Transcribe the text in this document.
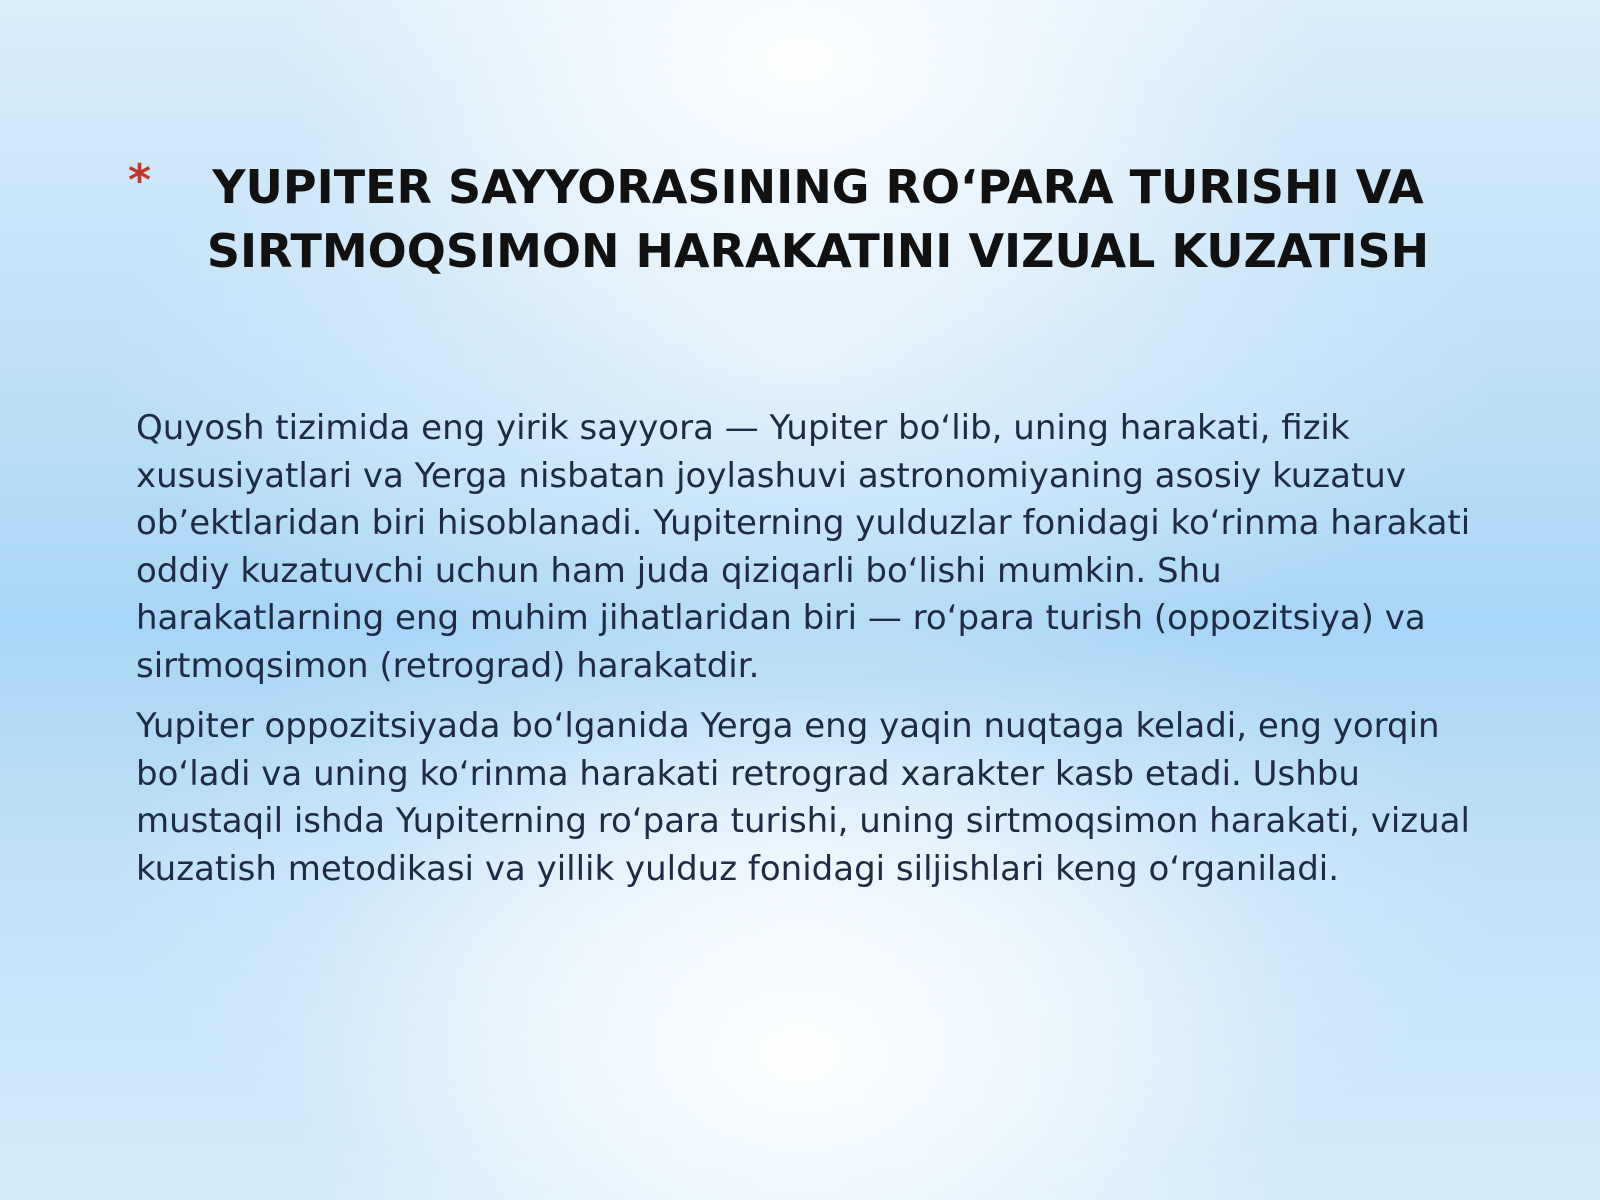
*	YUPITER SAYYORASINING RO‘PARA TURISHI VA SIRTMOQSIMON HARAKATINI VIZUAL KUZATISH

Quyosh tizimida eng yirik sayyora — Yupiter bo‘lib, uning harakati, fizik xususiyatlari va Yerga nisbatan joylashuvi astronomiyaning asosiy kuzatuv ob’ektlaridan biri hisoblanadi. Yupiterning yulduzlar fonidagi ko‘rinma harakati oddiy kuzatuvchi uchun ham juda qiziqarli bo‘lishi mumkin. Shu harakatlarning eng muhim jihatlaridan biri — ro‘para turish (oppozitsiya) va sirtmoqsimon (retrograd) harakatdir.

Yupiter oppozitsiyada bo‘lganida Yerga eng yaqin nuqtaga keladi, eng yorqin bo‘ladi va uning ko‘rinma harakati retrograd xarakter kasb etadi. Ushbu mustaqil ishda Yupiterning ro‘para turishi, uning sirtmoqsimon harakati, vizual kuzatish metodikasi va yillik yulduz fonidagi siljishlari keng o‘rganiladi.
